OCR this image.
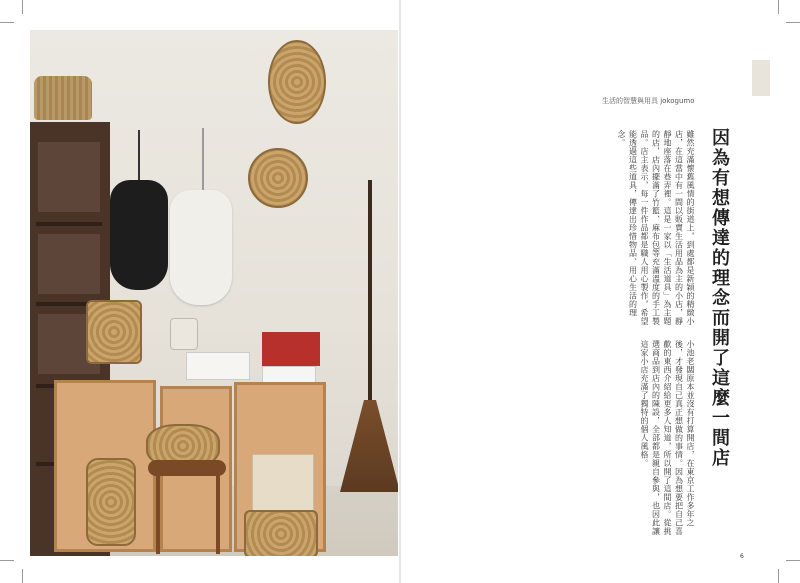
生活的智慧與用具 jokogumo
因為有想傳達的理念而開了這麼一間店
雖然充滿懷舊風情的街道上，到處都是新穎的精緻小店，在這當中有一間以販賣生活用品為主的小店，靜靜地座落在巷弄裡。這是一家以「生活道具」為主題的店，店內擺滿了竹籃、麻布包等充滿溫度的手工製品。店主表示，每一件作品都是職人用心製作，希望能透過這些道具，傳達出珍惜物品、用心生活的理念。
小池老闆原本並沒有打算開店，在東京工作多年之後，才發現自己真正想做的事情。因為想要把自己喜歡的東西介紹給更多人知道，所以開了這間店。從挑選商品到店內的陳設，全部都是親自參與，也因此讓這家小店充滿了獨特的個人風格。
6
